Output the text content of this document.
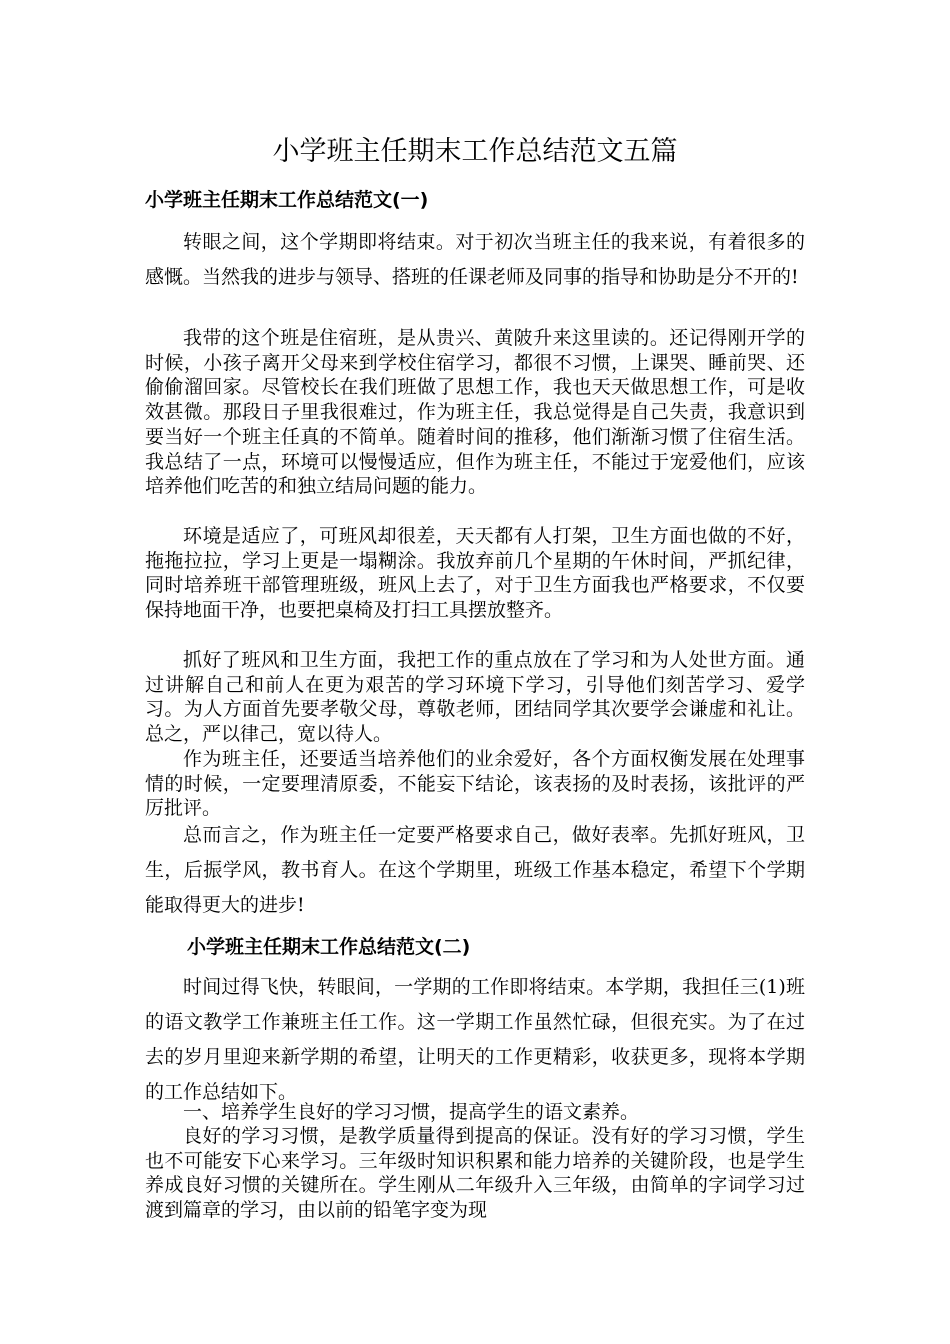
小学班主任期末工作总结范文五篇
小学班主任期末工作总结范文(一)

转眼之间，这个学期即将结束。对于初次当班主任的我来说，有着很多的感慨。当然我的进步与领导、搭班的任课老师及同事的指导和协助是分不开的!

我带的这个班是住宿班，是从贵兴、黄陂升来这里读的。还记得刚开学的时候，小孩子离开父母来到学校住宿学习，都很不习惯，上课哭、睡前哭、还偷偷溜回家。尽管校长在我们班做了思想工作，我也天天做思想工作，可是收效甚微。那段日子里我很难过，作为班主任，我总觉得是自己失责，我意识到要当好一个班主任真的不简单。随着时间的推移，他们渐渐习惯了住宿生活。我总结了一点，环境可以慢慢适应，但作为班主任，不能过于宠爱他们，应该培养他们吃苦的和独立结局问题的能力。

环境是适应了，可班风却很差，天天都有人打架，卫生方面也做的不好，拖拖拉拉，学习上更是一塌糊涂。我放弃前几个星期的午休时间，严抓纪律，同时培养班干部管理班级，班风上去了，对于卫生方面我也严格要求，不仅要保持地面干净，也要把桌椅及打扫工具摆放整齐。

抓好了班风和卫生方面，我把工作的重点放在了学习和为人处世方面。通过讲解自己和前人在更为艰苦的学习环境下学习，引导他们刻苦学习、爱学习。为人方面首先要孝敬父母，尊敬老师，团结同学其次要学会谦虚和礼让。总之，严以律己，宽以待人。

作为班主任，还要适当培养他们的业余爱好，各个方面权衡发展在处理事情的时候，一定要理清原委，不能妄下结论，该表扬的及时表扬，该批评的严厉批评。

总而言之，作为班主任一定要严格要求自己，做好表率。先抓好班风，卫生，后振学风，教书育人。在这个学期里，班级工作基本稳定，希望下个学期能取得更大的进步!

小学班主任期末工作总结范文(二)

时间过得飞快，转眼间，一学期的工作即将结束。本学期，我担任三(1)班的语文教学工作兼班主任工作。这一学期工作虽然忙碌，但很充实。为了在过去的岁月里迎来新学期的希望，让明天的工作更精彩，收获更多，现将本学期的工作总结如下。

一、培养学生良好的学习习惯，提高学生的语文素养。

良好的学习习惯，是教学质量得到提高的保证。没有好的学习习惯，学生也不可能安下心来学习。三年级时知识积累和能力培养的关键阶段，也是学生养成良好习惯的关键所在。学生刚从二年级升入三年级，由简单的字词学习过渡到篇章的学习，由以前的铅笔字变为现
